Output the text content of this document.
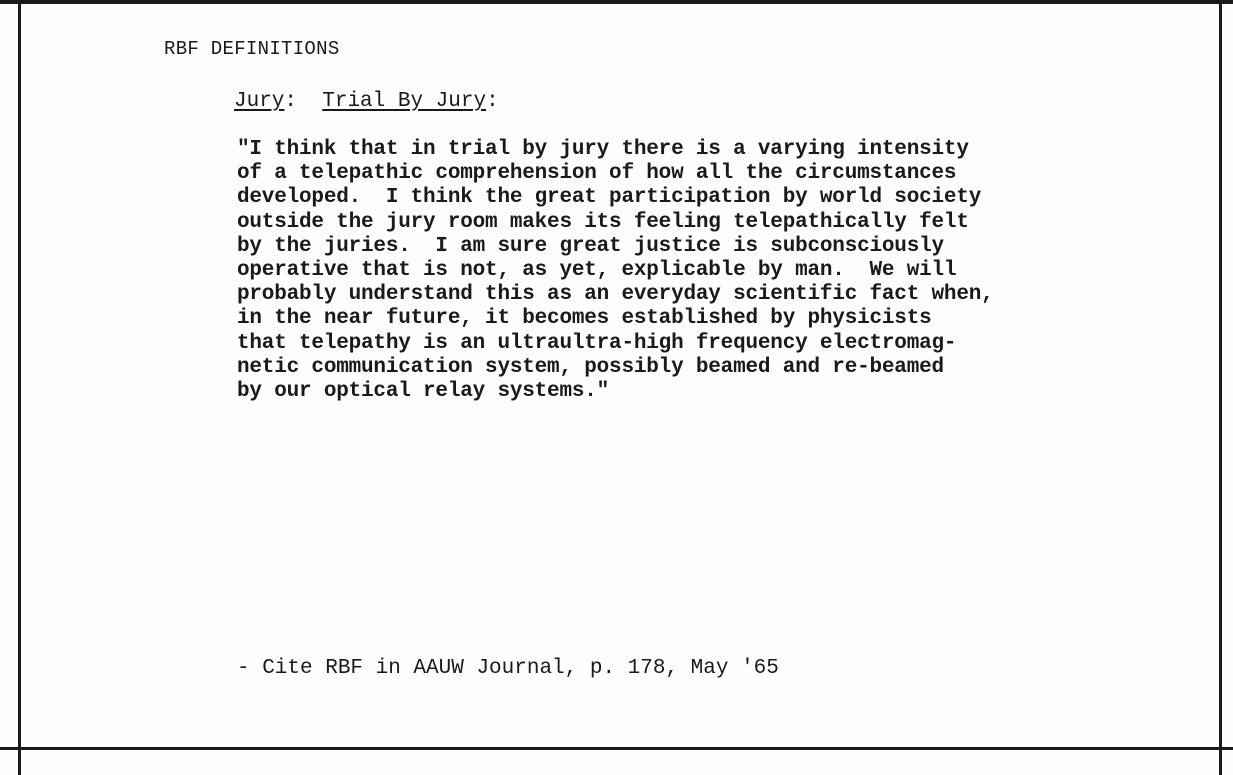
RBF DEFINITIONS
Jury:  Trial By Jury:
"I think that in trial by jury there is a varying intensity
of a telepathic comprehension of how all the circumstances
developed.  I think the great participation by world society
outside the jury room makes its feeling telepathically felt
by the juries.  I am sure great justice is subconsciously
operative that is not, as yet, explicable by man.  We will
probably understand this as an everyday scientific fact when,
in the near future, it becomes established by physicists
that telepathy is an ultraultra-high frequency electromag-
netic communication system, possibly beamed and re-beamed
by our optical relay systems."
- Cite RBF in AAUW Journal, p. 178, May '65
